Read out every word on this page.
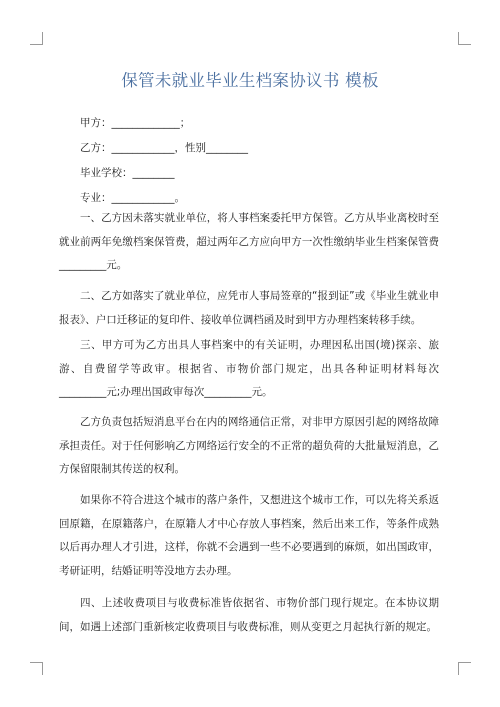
保管未就业毕业生档案协议书 模板
甲方：_____________；
乙方：____________，性别________
毕业学校：________
专业：____________。
一、乙方因未落实就业单位，将人事档案委托甲方保管。乙方从毕业离校时至就业前两年免缴档案保管费，超过两年乙方应向甲方一次性缴纳毕业生档案保管费_________元。
二、乙方如落实了就业单位，应凭市人事局签章的“报到证”或《毕业生就业申报表》、户口迁移证的复印件、接收单位调档函及时到甲方办理档案转移手续。
三、甲方可为乙方出具人事档案中的有关证明，办理因私出国(境)探亲、旅游、自费留学等政审。根据省、市物价部门规定，出具各种证明材料每次_________元;办理出国政审每次_________元。
乙方负责包括短消息平台在内的网络通信正常，对非甲方原因引起的网络故障承担责任。对于任何影响乙方网络运行安全的不正常的超负荷的大批量短消息，乙方保留限制其传送的权利。
如果你不符合进这个城市的落户条件，又想进这个城市工作，可以先将关系返回原籍，在原籍落户，在原籍人才中心存放人事档案，然后出来工作，等条件成熟以后再办理人才引进，这样，你就不会遇到一些不必要遇到的麻烦，如出国政审，考研证明，结婚证明等没地方去办理。
四、上述收费项目与收费标准皆依据省、市物价部门现行规定。在本协议期间，如遇上述部门重新核定收费项目与收费标准，则从变更之月起执行新的规定。
